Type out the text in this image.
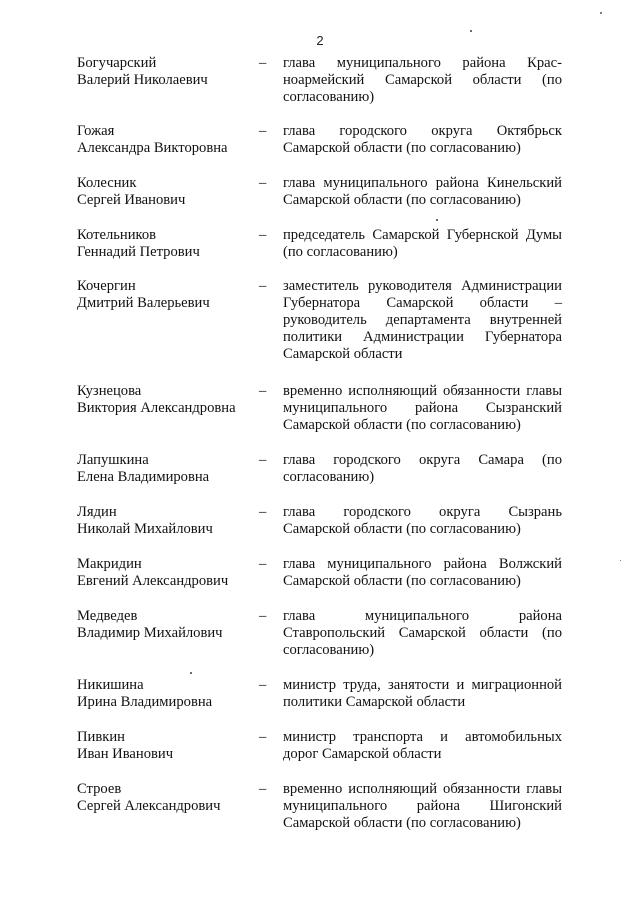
2
Богучарский
Валерий Николаевич
– глава муниципального района Крас-
ноармейский Самарской области (по
согласованию)
Гожая
Александра Викторовна
– глава городского округа Октябрьск
Самарской области (по согласованию)
Колесник
Сергей Иванович
– глава муниципального района Кинельский
Самарской области (по согласованию)
Котельников
Геннадий Петрович
– председатель Самарской Губернской Думы
(по согласованию)
Кочергин
Дмитрий Валерьевич
– заместитель руководителя Администрации
Губернатора Самарской области –
руководитель департамента внутренней
политики Администрации Губернатора
Самарской области
Кузнецова
Виктория Александровна
– временно исполняющий обязанности главы
муниципального района Сызранский
Самарской области (по согласованию)
Лапушкина
Елена Владимировна
– глава городского округа Самара (по
согласованию)
Лядин
Николай Михайлович
– глава городского округа Сызрань
Самарской области (по согласованию)
Макридин
Евгений Александрович
– глава муниципального района Волжский
Самарской области (по согласованию)
Медведев
Владимир Михайлович
– глава муниципального района
Ставропольский Самарской области (по
согласованию)
Никишина
Ирина Владимировна
– министр труда, занятости и миграционной
политики Самарской области
Пивкин
Иван Иванович
– министр транспорта и автомобильных
дорог Самарской области
Строев
Сергей Александрович
– временно исполняющий обязанности главы
муниципального района Шигонский
Самарской области (по согласованию)
